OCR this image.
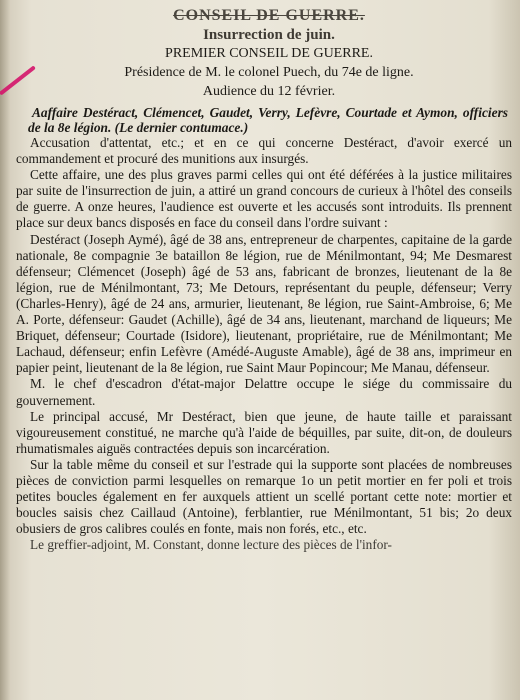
CONSEIL DE GUERRE.
Insurrection de juin.
PREMIER CONSEIL DE GUERRE.
Présidence de M. le colonel Puech, du 74e de ligne.
Audience du 12 février.
Aaffaire Destéract, Clémencet, Gaudet, Verry, Lefèvre, Courtade et Aymon, officiers de la 8e légion. (Le dernier contumace.)

Accusation d'attentat, etc.; et en ce qui concerne Destéract, d'avoir exercé un commandement et procuré des munitions aux insurgés.

Cette affaire, une des plus graves parmi celles qui ont été déférées à la justice militaires par suite de l'insurrection de juin, a attiré un grand concours de curieux à l'hôtel des conseils de guerre. A onze heures, l'audience est ouverte et les accusés sont introduits. Ils prennent place sur deux bancs disposés en face du conseil dans l'ordre suivant :

Destéract (Joseph Aymé), âgé de 38 ans, entrepreneur de charpentes, capitaine de la garde nationale, 8e compagnie 3e bataillon 8e légion, rue de Ménilmontant, 94; Me Desmarest défenseur; Clémencet (Joseph) âgé de 53 ans, fabricant de bronzes, lieutenant de la 8e légion, rue de Ménilmontant, 73; Me Detours, représentant du peuple, défenseur; Verry (Charles-Henry), âgé de 24 ans, armurier, lieutenant, 8e légion, rue Saint-Ambroise, 6; Me A. Porte, défenseur: Gaudet (Achille), âgé de 34 ans, lieutenant, marchand de liqueurs; Me Briquet, défenseur; Courtade (Isidore), lieutenant, propriétaire, rue de Ménilmontant; Me Lachaud, défenseur; enfin Lefèvre (Amédé-Auguste Amable), âgé de 38 ans, imprimeur en papier peint, lieutenant de la 8e légion, rue Saint Maur Popincour; Me Manau, défenseur.

M. le chef d'escadron d'état-major Delattre occupe le siége du commissaire du gouvernement.

Le principal accusé, Mr Destéract, bien que jeune, de haute taille et paraissant vigoureusement constitué, ne marche qu'à l'aide de béquilles, par suite, dit-on, de douleurs rhumatismales aiguës contractées depuis son incarcération.

Sur la table même du conseil et sur l'estrade qui la supporte sont placées de nombreuses pièces de conviction parmi lesquelles on remarque 1o un petit mortier en fer poli et trois petites boucles également en fer auxquels attient un scellé portant cette note: mortier et boucles saisis chez Caillaud (Antoine), ferblantier, rue Ménilmontant, 51 bis; 2o deux obusiers de gros calibres coulés en fonte, mais non forés, etc., etc.

Le greffier-adjoint, M. Constant, donne lecture des pièces de l'infor-
